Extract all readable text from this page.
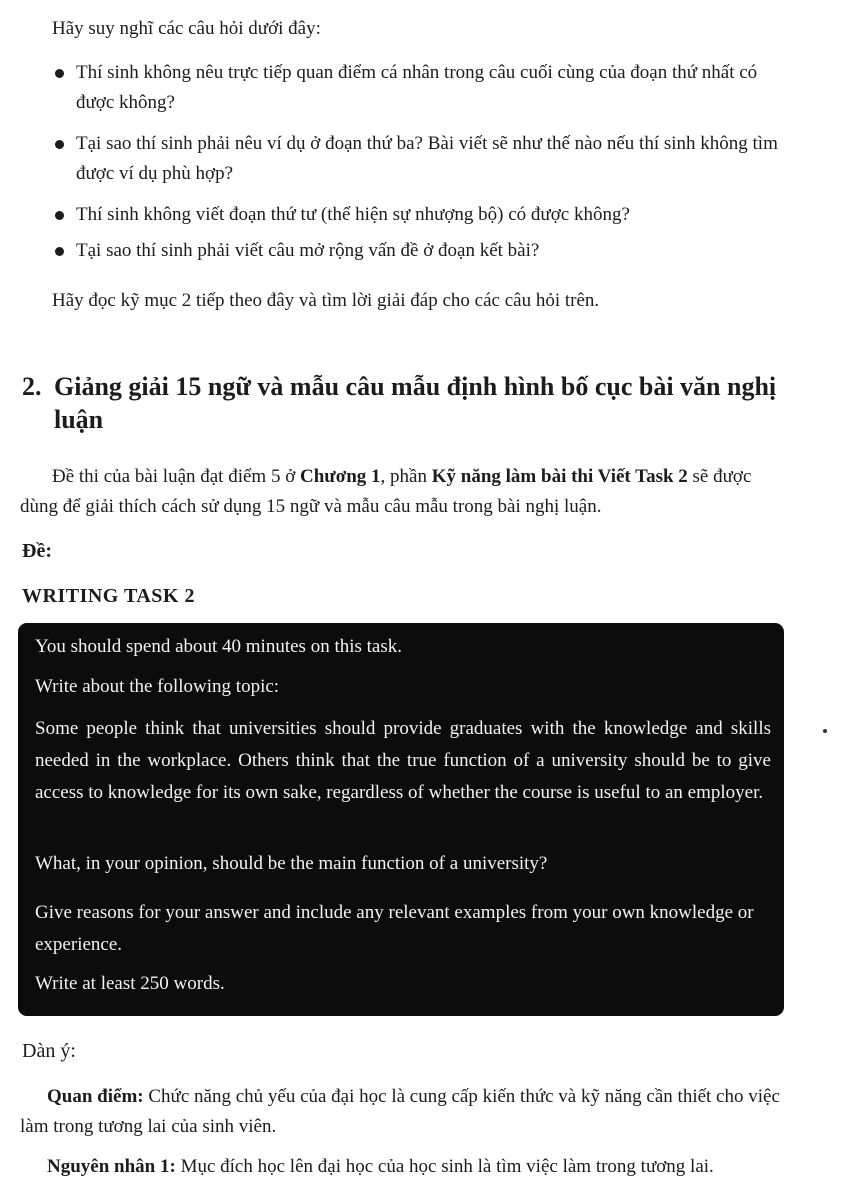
Hãy suy nghĩ các câu hỏi dưới đây:
Thí sinh không nêu trực tiếp quan điểm cá nhân trong câu cuối cùng của đoạn thứ nhất có được không?
Tại sao thí sinh phải nêu ví dụ ở đoạn thứ ba? Bài viết sẽ như thế nào nếu thí sinh không tìm được ví dụ phù hợp?
Thí sinh không viết đoạn thứ tư (thể hiện sự nhượng bộ) có được không?
Tại sao thí sinh phải viết câu mở rộng vấn đề ở đoạn kết bài?
Hãy đọc kỹ mục 2 tiếp theo đây và tìm lời giải đáp cho các câu hỏi trên.
2. Giảng giải 15 ngữ và mẫu câu mẫu định hình bố cục bài văn nghị
luận
Đề thi của bài luận đạt điểm 5 ở Chương 1, phần Kỹ năng làm bài thi Viết Task 2 sẽ được dùng để giải thích cách sử dụng 15 ngữ và mẫu câu mẫu trong bài nghị luận.
Đề:
WRITING TASK 2

You should spend about 40 minutes on this task.

Write about the following topic:

Some people think that universities should provide graduates with the knowledge and skills needed in the workplace. Others think that the true function of a university should be to give access to knowledge for its own sake, regardless of whether the course is useful to an employer.

What, in your opinion, should be the main function of a university?

Give reasons for your answer and include any relevant examples from your own knowledge or experience.

Write at least 250 words.

Dàn ý:
Quan điểm: Chức năng chủ yếu của đại học là cung cấp kiến thức và kỹ năng cần thiết cho việc làm trong tương lai của sinh viên.
Nguyên nhân 1: Mục đích học lên đại học của học sinh là tìm việc làm trong tương lai.
